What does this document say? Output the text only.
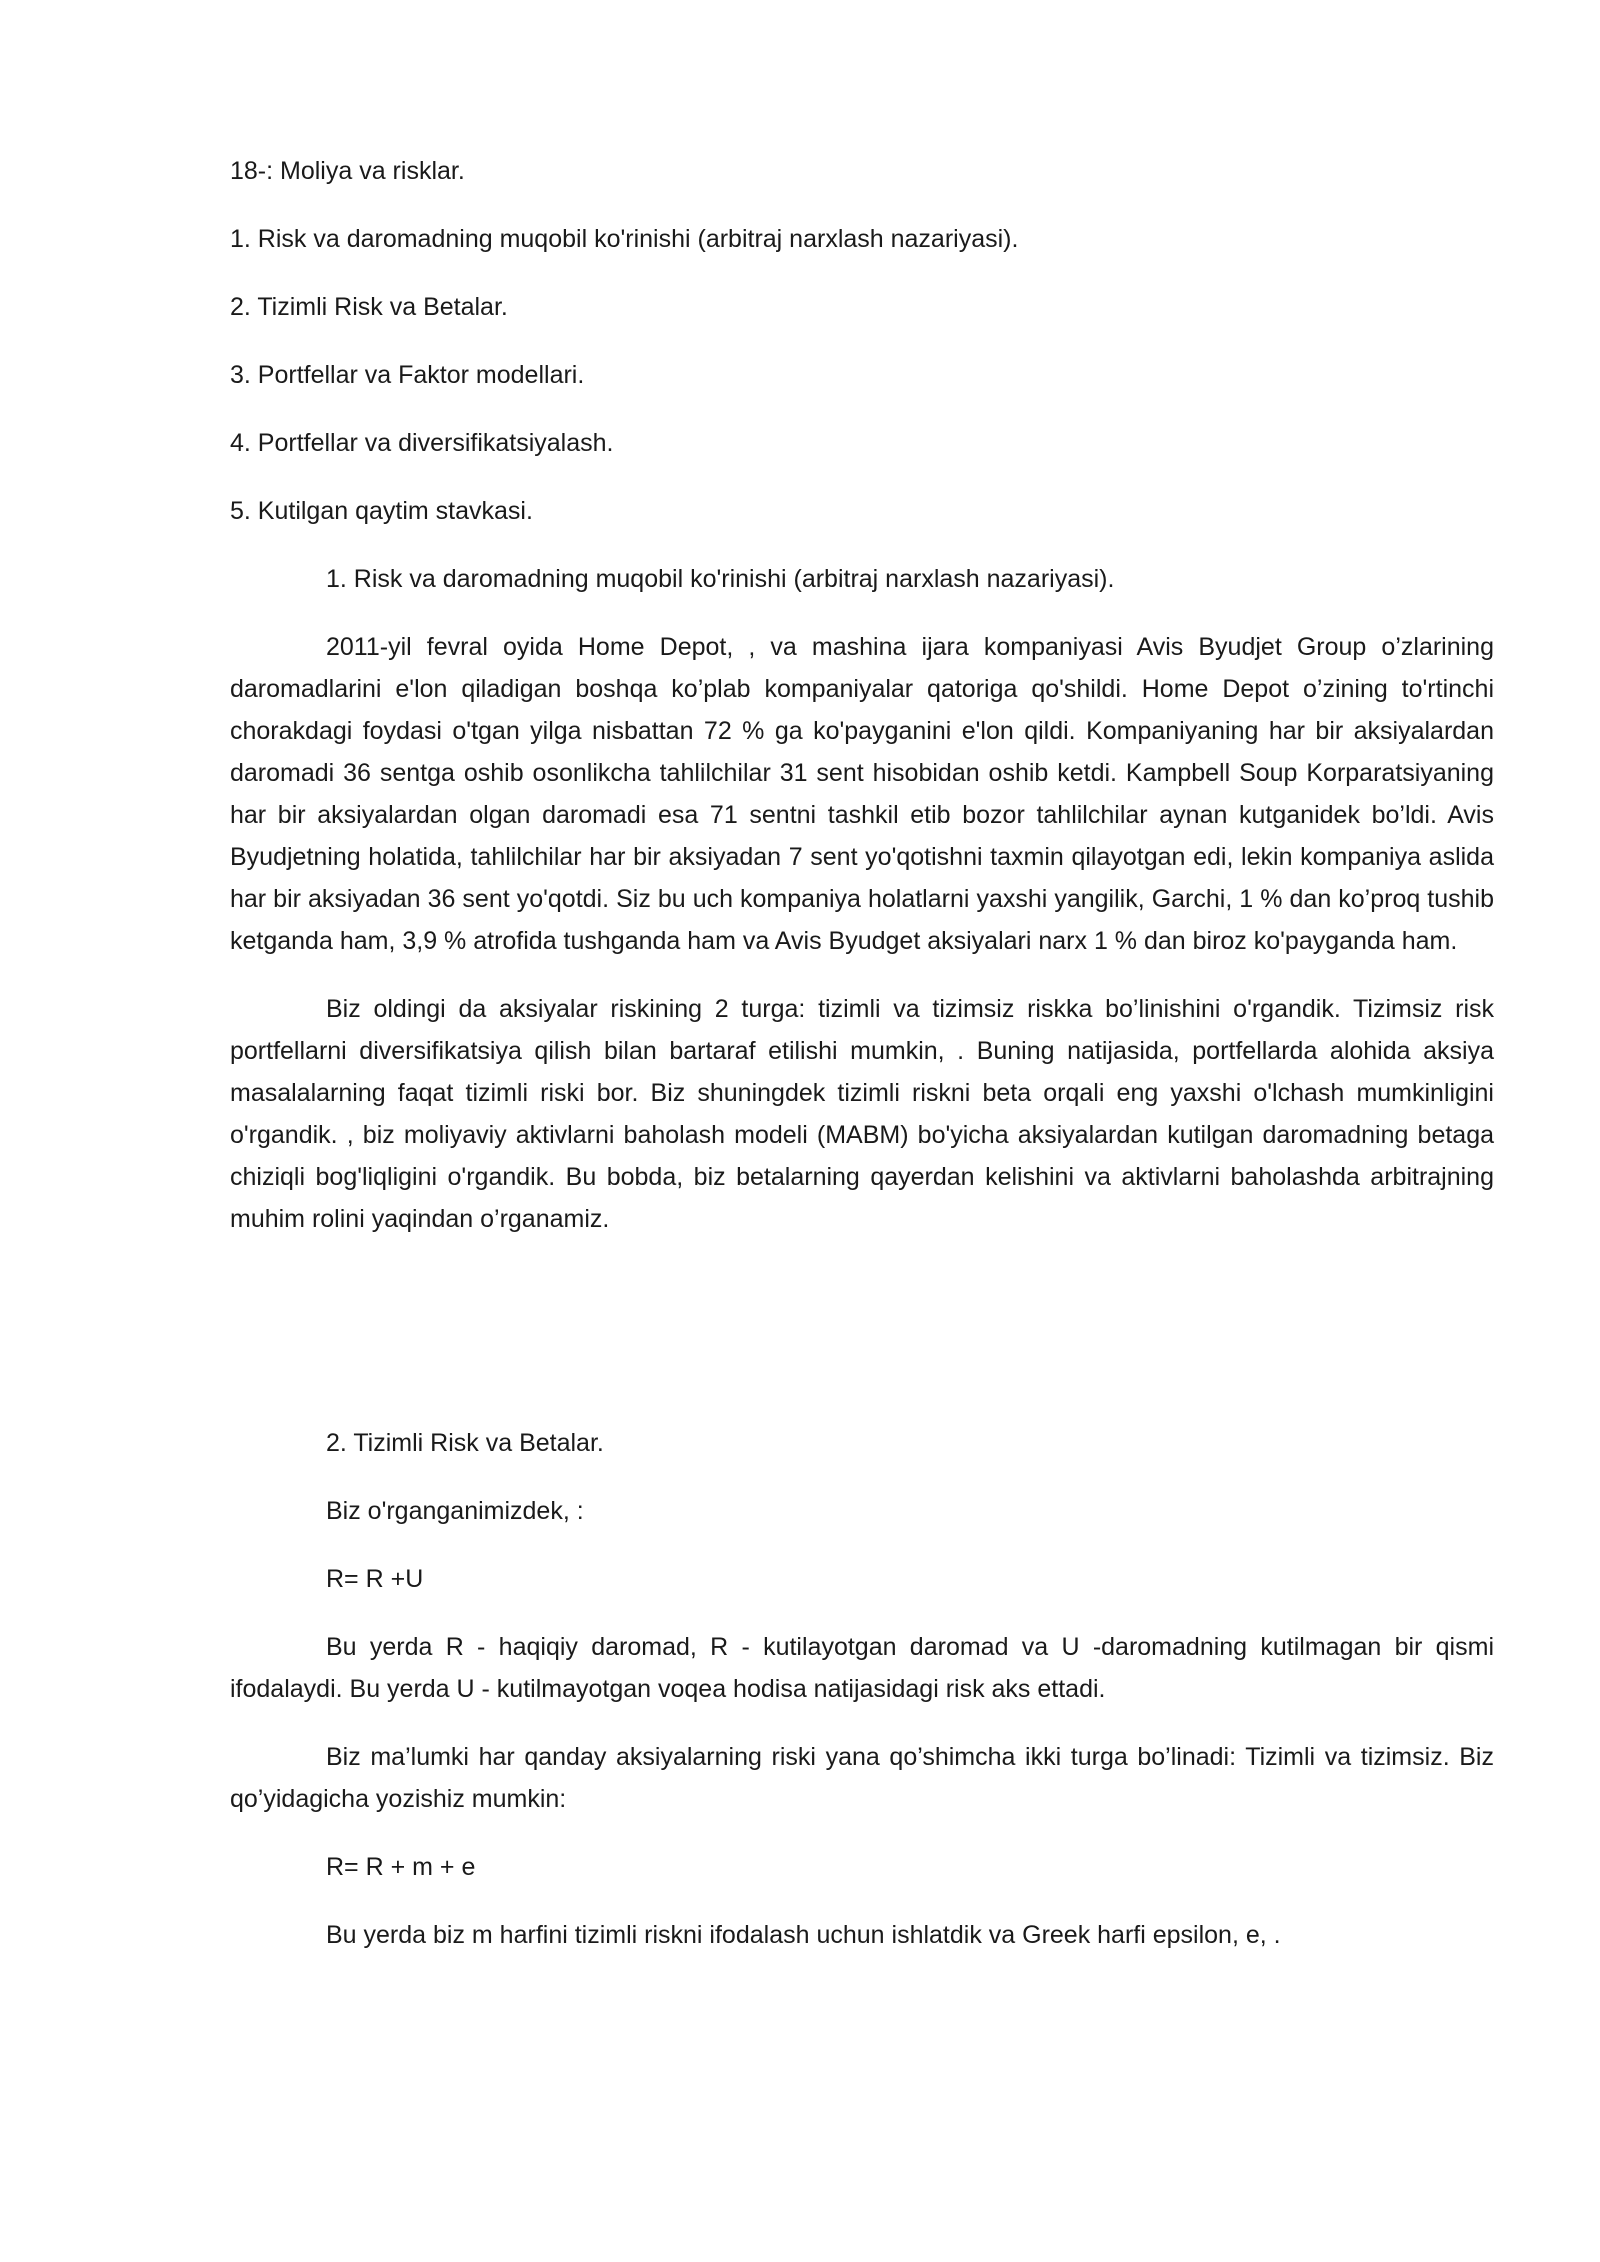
18-: Moliya va risklar.
1. Risk va daromadning muqobil ko'rinishi (arbitraj narxlash nazariyasi).
2. Tizimli Risk va Betalar.
3. Portfellar va Faktor modellari.
4. Portfellar va diversifikatsiyalash.
5. Kutilgan qaytim stavkasi.
1. Risk va daromadning muqobil ko'rinishi (arbitraj narxlash nazariyasi).

2011-yil fevral oyida Home Depot, , va mashina ijara kompaniyasi Avis Byudjet Group o’zlarining daromadlarini e'lon qiladigan boshqa ko’plab kompaniyalar qatoriga qo'shildi. Home Depot o’zining to'rtinchi chorakdagi foydasi o'tgan yilga nisbattan 72 % ga ko'payganini e'lon qildi. Kompaniyaning har bir aksiyalardan daromadi 36 sentga oshib osonlikcha tahlilchilar 31 sent hisobidan oshib ketdi. Kampbell Soup Korparatsiyaning har bir aksiyalardan olgan daromadi esa 71 sentni tashkil etib bozor tahlilchilar aynan kutganidek bo’ldi. Avis Byudjetning holatida, tahlilchilar har bir aksiyadan 7 sent yo'qotishni taxmin qilayotgan edi, lekin kompaniya aslida har bir aksiyadan 36 sent yo'qotdi. Siz bu uch kompaniya holatlarni yaxshi yangilik, Garchi, 1 % dan ko’proq tushib ketganda ham, 3,9 % atrofida tushganda ham va Avis Byudget aksiyalari narx 1 % dan biroz ko'payganda ham.

Biz oldingi da aksiyalar riskining 2 turga: tizimli va tizimsiz riskka bo’linishini o'rgandik. Tizimsiz risk portfellarni diversifikatsiya qilish bilan bartaraf etilishi mumkin, . Buning natijasida, portfellarda alohida aksiya masalalarning faqat tizimli riski bor. Biz shuningdek tizimli riskni beta orqali eng yaxshi o'lchash mumkinligini o'rgandik. , biz moliyaviy aktivlarni baholash modeli (MABM) bo'yicha aksiyalardan kutilgan daromadning betaga chiziqli bog'liqligini o'rgandik. Bu bobda, biz betalarning qayerdan kelishini va aktivlarni baholashda arbitrajning muhim rolini yaqindan o’rganamiz.

2. Tizimli Risk va Betalar.
Biz o'rganganimizdek, :
R= R +U

Bu yerda R - haqiqiy daromad, R - kutilayotgan daromad va U -daromadning kutilmagan bir qismi ifodalaydi. Bu yerda U - kutilmayotgan voqea hodisa natijasidagi risk aks ettadi.

Biz ma’lumki har qanday aksiyalarning riski yana qo’shimcha ikki turga bo’linadi: Tizimli va tizimsiz. Biz qo’yidagicha yozishiz mumkin:

R= R + m + e
Bu yerda biz m harfini tizimli riskni ifodalash uchun ishlatdik va Greek harfi epsilon, e, .
